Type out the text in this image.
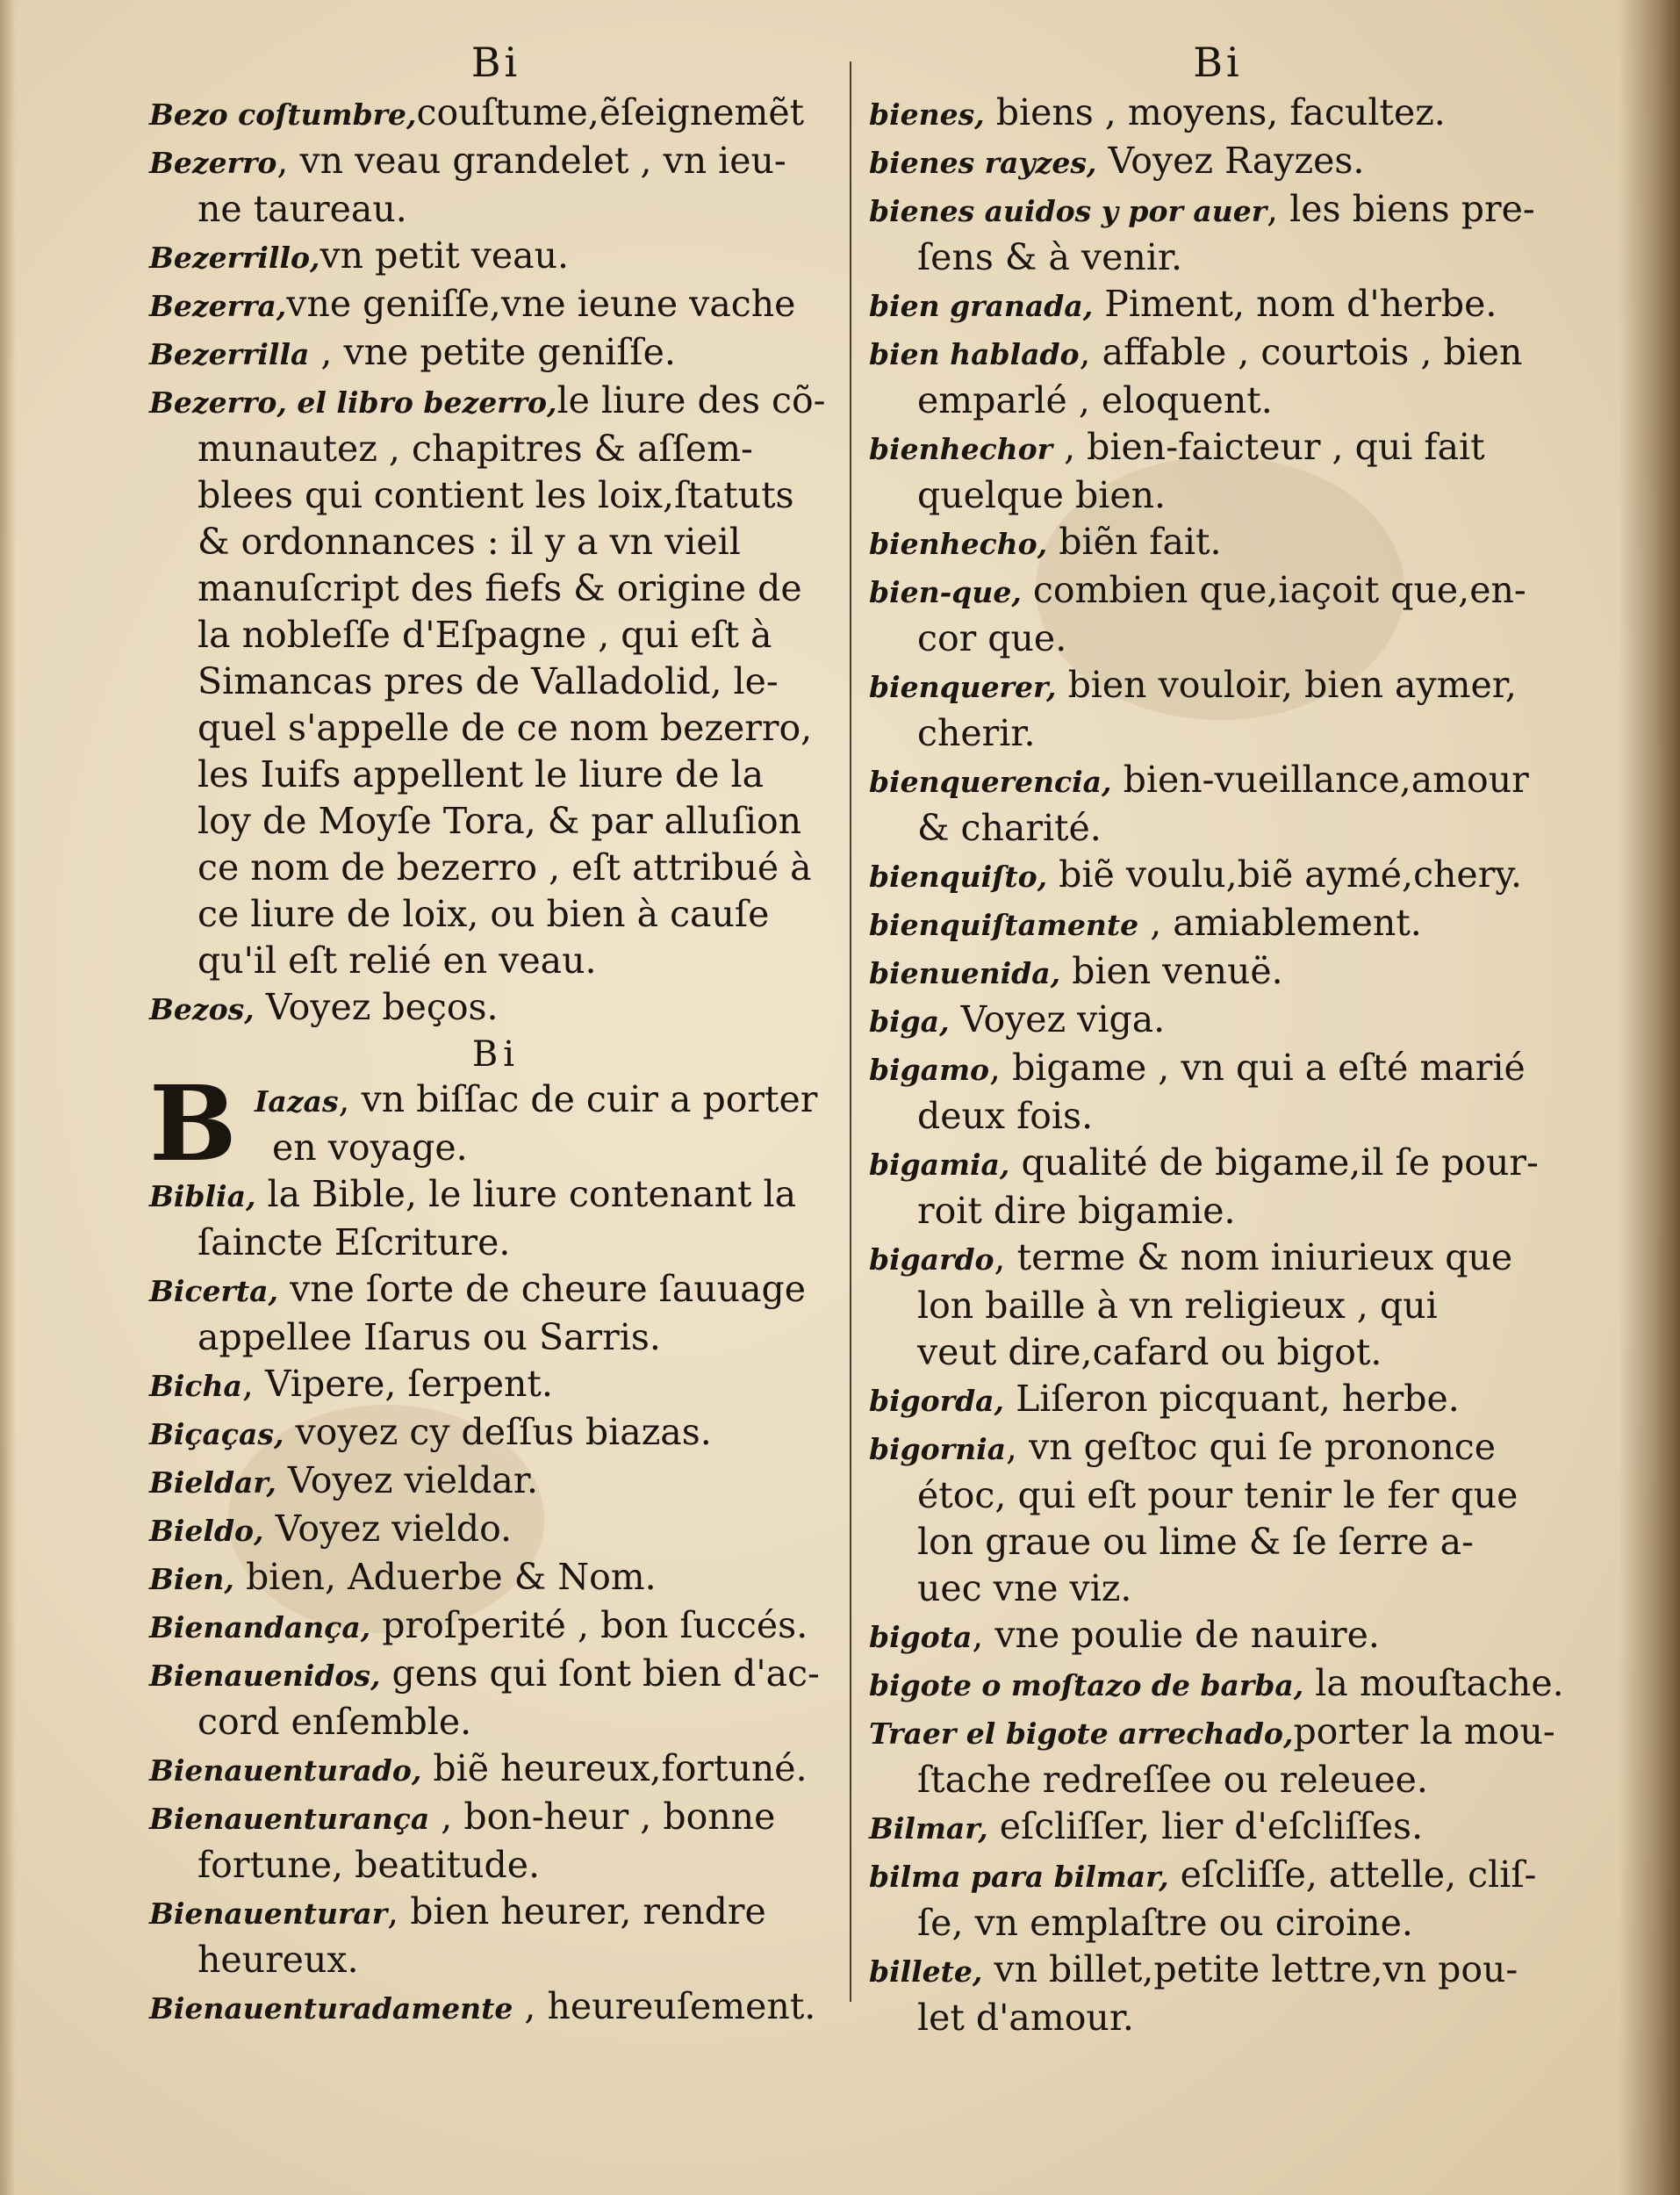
Bi
Bezo coſtumbre,couſtume,ẽſeignemẽt
Bezerro, vn veau grandelet , vn ieu-
ne taureau.
Bezerrillo,vn petit veau.
Bezerra,vne geniſſe,vne ieune vache
Bezerrilla , vne petite geniſſe.
Bezerro, el libro bezerro,le liure des cõ-
munautez , chapitres & aſſem-
blees qui contient les loix,ſtatuts
& ordonnances : il y a vn vieil
manuſcript des fiefs & origine de
la nobleſſe d'Eſpagne , qui eſt à
Simancas pres de Valladolid, le-
quel s'appelle de ce nom bezerro,
les Iuifs appellent le liure de la
loy de Moyſe Tora, & par alluſion
ce nom de bezerro , eſt attribué à
ce liure de loix, ou bien à cauſe
qu'il eſt relié en veau.
Bezos, Voyez beços.
Bi
B Iazas, vn biſſac de cuir a porter
en voyage.
Biblia, la Bible, le liure contenant la
ſaincte Eſcriture.
Bicerta, vne ſorte de cheure ſauuage
appellee Iſarus ou Sarris.
Bicha, Vipere, ſerpent.
Biçaças, voyez cy deſſus biazas.
Bieldar, Voyez vieldar.
Bieldo, Voyez vieldo.
Bien, bien, Aduerbe & Nom.
Bienandança, proſperité , bon ſuccés.
Bienauenidos, gens qui ſont bien d'ac-
cord enſemble.
Bienauenturado, biẽ heureux,fortuné.
Bienauenturança , bon-heur , bonne
fortune, beatitude.
Bienauenturar, bien heurer, rendre
heureux.
Bienauenturadamente , heureuſement.
Bi
bienes, biens , moyens, facultez.
bienes rayzes, Voyez Rayzes.
bienes auidos y por auer, les biens pre-
ſens & à venir.
bien granada, Piment, nom d'herbe.
bien hablado, affable , courtois , bien
emparlé , eloquent.
bienhechor , bien-faicteur , qui fait
quelque bien.
bienhecho, biẽn fait.
bien-que, combien que,iaçoit que,en-
cor que.
bienquerer, bien vouloir, bien aymer,
cherir.
bienquerencia, bien-vueillance,amour
& charité.
bienquiſto, biẽ voulu,biẽ aymé,chery.
bienquiſtamente , amiablement.
bienuenida, bien venuë.
biga, Voyez viga.
bigamo, bigame , vn qui a eſté marié
deux fois.
bigamia, qualité de bigame,il ſe pour-
roit dire bigamie.
bigardo, terme & nom iniurieux que
lon baille à vn religieux , qui
veut dire,cafard ou bigot.
bigorda, Liſeron picquant, herbe.
bigornia, vn geſtoc qui ſe prononce
étoc, qui eſt pour tenir le fer que
lon graue ou lime & ſe ſerre a-
uec vne viz.
bigota, vne poulie de nauire.
bigote o moſtazo de barba, la mouſtache.
Traer el bigote arrechado,porter la mou-
ſtache redreſſee ou releuee.
Bilmar, eſcliſſer, lier d'eſcliſſes.
bilma para bilmar, eſcliſſe, attelle, cliſ-
ſe, vn emplaſtre ou ciroine.
billete, vn billet,petite lettre,vn pou-
let d'amour.
